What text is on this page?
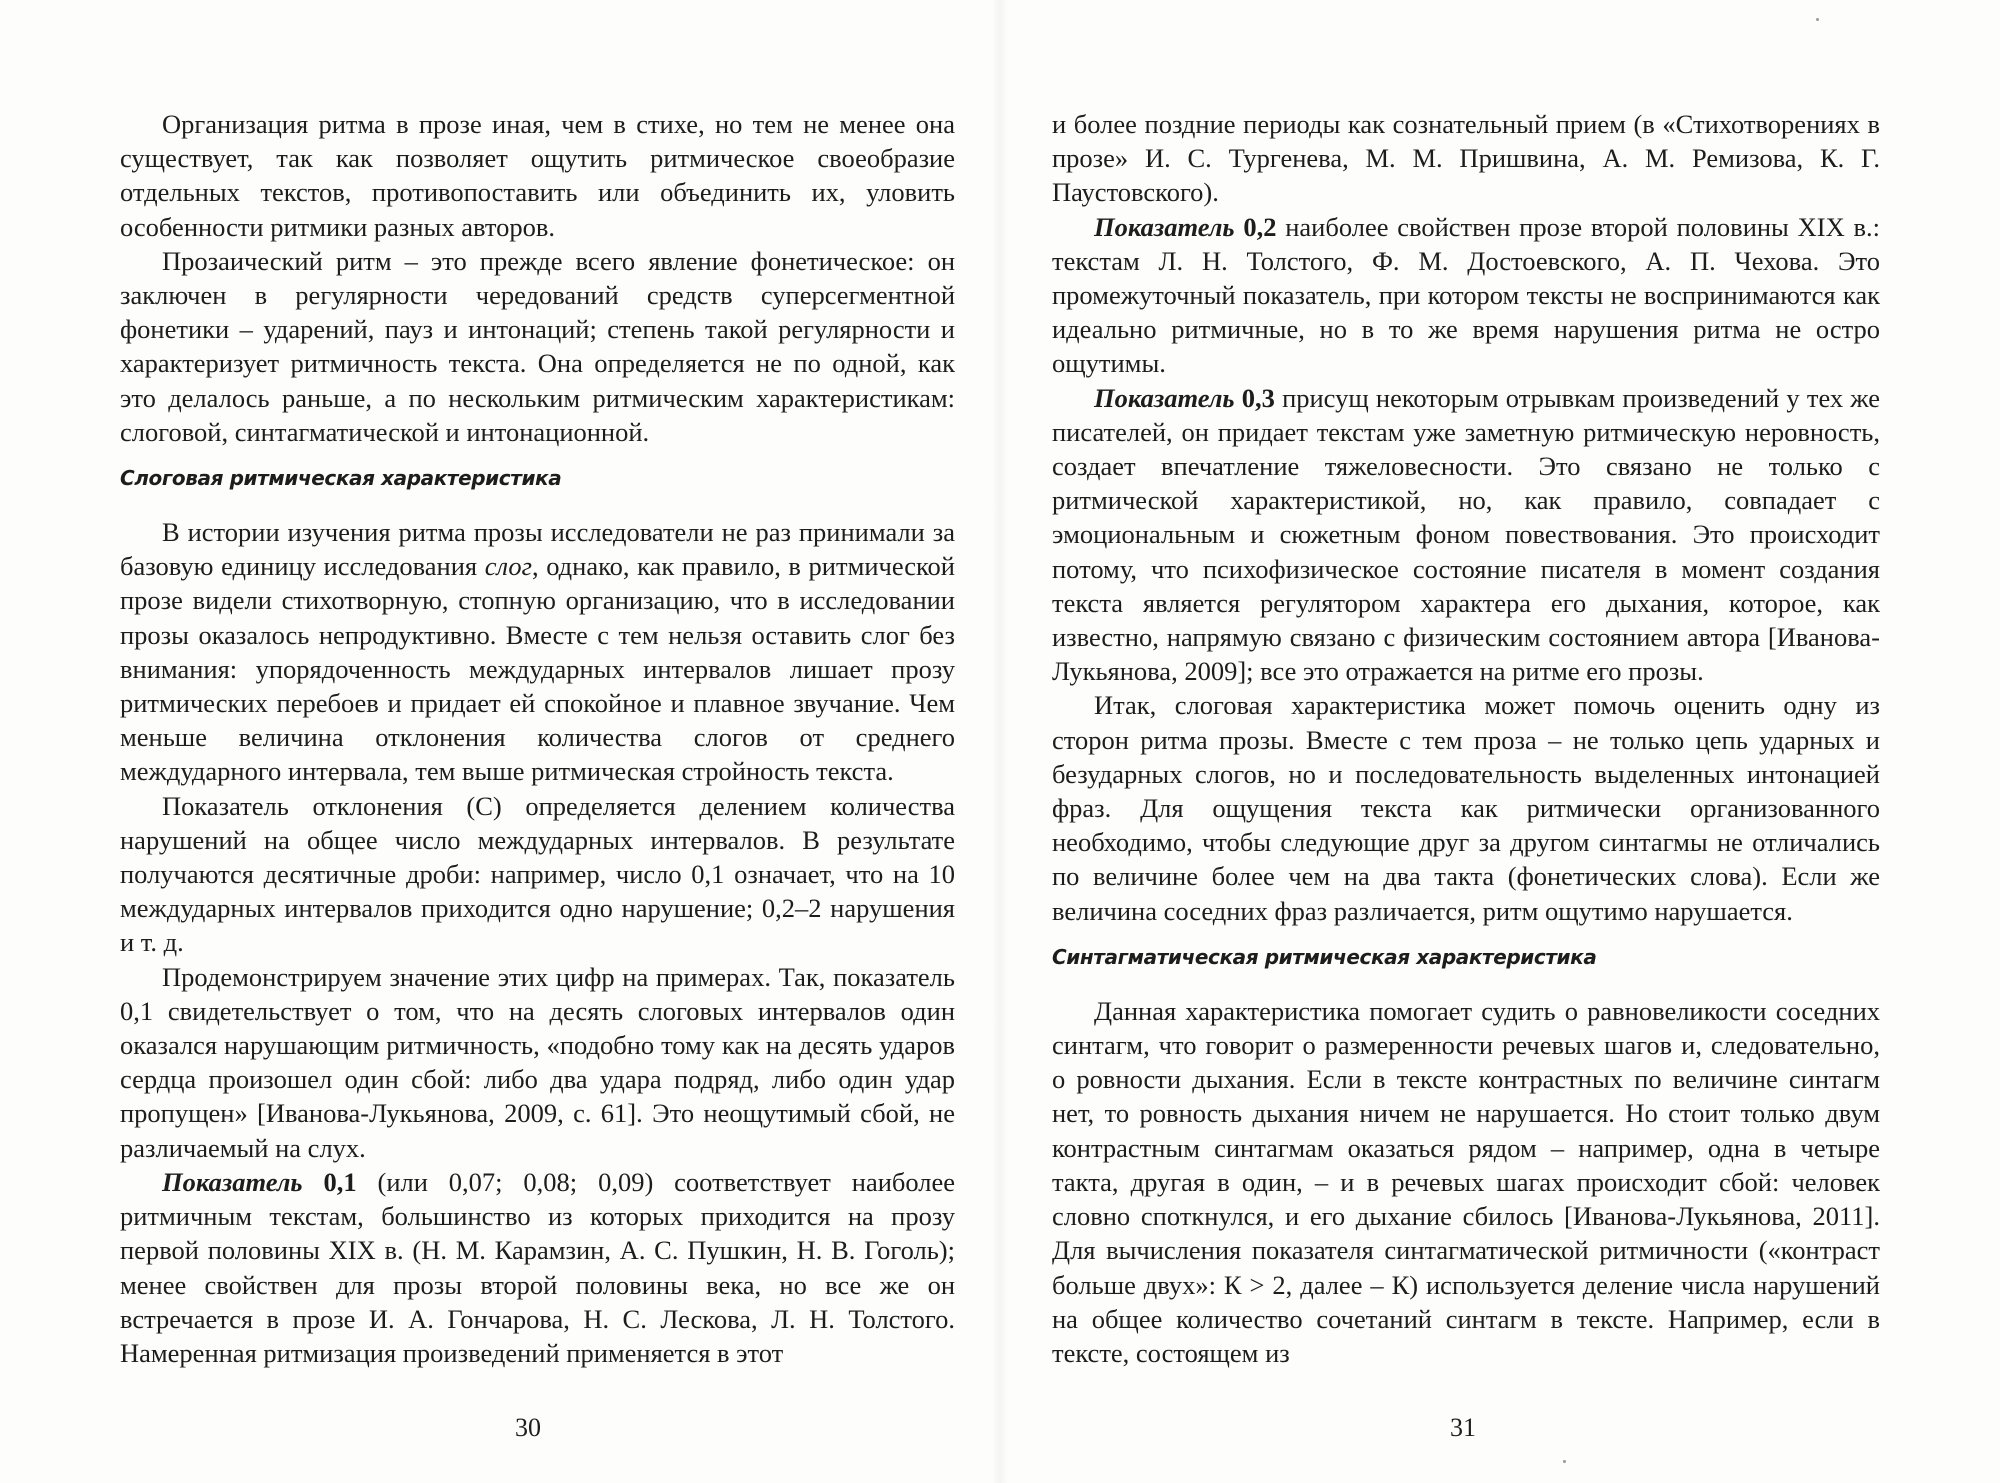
Организация ритма в прозе иная, чем в стихе, но тем не менее она существует, так как позволяет ощутить ритмическое своеобразие отдельных текстов, противопоставить или объединить их, уловить особенности ритмики разных авторов.

Прозаический ритм – это прежде всего явление фонетическое: он заключен в регулярности чередований средств суперсегментной фонетики – ударений, пауз и интонаций; степень такой регулярности и характеризует ритмичность текста. Она определяется не по одной, как это делалось раньше, а по нескольким ритмическим характеристикам: слоговой, синтагматической и интонационной.

Слоговая ритмическая характеристика

В истории изучения ритма прозы исследователи не раз принимали за базовую единицу исследования слог, однако, как правило, в ритмической прозе видели стихотворную, стопную организацию, что в исследовании прозы оказалось непродуктивно. Вместе с тем нельзя оставить слог без внимания: упорядоченность междударных интервалов лишает прозу ритмических перебоев и придает ей спокойное и плавное звучание. Чем меньше величина отклонения количества слогов от среднего междударного интервала, тем выше ритмическая стройность текста.

Показатель отклонения (С) определяется делением количества нарушений на общее число междударных интервалов. В результате получаются десятичные дроби: например, число 0,1 означает, что на 10 междударных интервалов приходится одно нарушение; 0,2–2 нарушения и т. д.

Продемонстрируем значение этих цифр на примерах. Так, показатель 0,1 свидетельствует о том, что на десять слоговых интервалов один оказался нарушающим ритмичность, «подобно тому как на десять ударов сердца произошел один сбой: либо два удара подряд, либо один удар пропущен» [Иванова-Лукьянова, 2009, с. 61]. Это неощутимый сбой, не различаемый на слух.

Показатель 0,1 (или 0,07; 0,08; 0,09) соответствует наиболее ритмичным текстам, большинство из которых приходится на прозу первой половины XIX в. (Н. М. Карамзин, А. С. Пушкин, Н. В. Гоголь); менее свойствен для прозы второй половины века, но все же он встречается в прозе И. А. Гончарова, Н. С. Лескова, Л. Н. Толстого. Намеренная ритмизация произведений применяется в этот

30

и более поздние периоды как сознательный прием (в «Стихотворениях в прозе» И. С. Тургенева, М. М. Пришвина, А. М. Ремизова, К. Г. Паустовского).

Показатель 0,2 наиболее свойствен прозе второй половины XIX в.: текстам Л. Н. Толстого, Ф. М. Достоевского, А. П. Чехова. Это промежуточный показатель, при котором тексты не воспринимаются как идеально ритмичные, но в то же время нарушения ритма не остро ощутимы.

Показатель 0,3 присущ некоторым отрывкам произведений у тех же писателей, он придает текстам уже заметную ритмическую неровность, создает впечатление тяжеловесности. Это связано не только с ритмической характеристикой, но, как правило, совпадает с эмоциональным и сюжетным фоном повествования. Это происходит потому, что психофизическое состояние писателя в момент создания текста является регулятором характера его дыхания, которое, как известно, напрямую связано с физическим состоянием автора [Иванова-Лукьянова, 2009]; все это отражается на ритме его прозы.

Итак, слоговая характеристика может помочь оценить одну из сторон ритма прозы. Вместе с тем проза – не только цепь ударных и безударных слогов, но и последовательность выделенных интонацией фраз. Для ощущения текста как ритмически организованного необходимо, чтобы следующие друг за другом синтагмы не отличались по величине более чем на два такта (фонетических слова). Если же величина соседних фраз различается, ритм ощутимо нарушается.

Синтагматическая ритмическая характеристика

Данная характеристика помогает судить о равновеликости соседних синтагм, что говорит о размеренности речевых шагов и, следовательно, о ровности дыхания. Если в тексте контрастных по величине синтагм нет, то ровность дыхания ничем не нарушается. Но стоит только двум контрастным синтагмам оказаться рядом – например, одна в четыре такта, другая в один, – и в речевых шагах происходит сбой: человек словно споткнулся, и его дыхание сбилось [Иванова-Лукьянова, 2011]. Для вычисления показателя синтагматической ритмичности («контраст больше двух»: К > 2, далее – К) используется деление числа нарушений на общее количество сочетаний синтагм в тексте. Например, если в тексте, состоящем из

31
